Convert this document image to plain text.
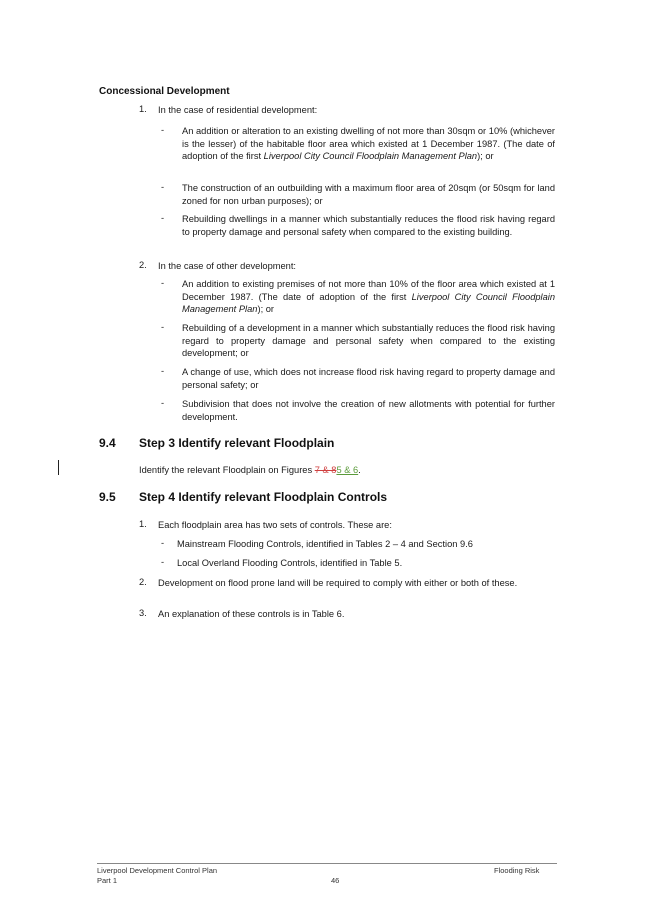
Concessional Development
1. In the case of residential development:
- An addition or alteration to an existing dwelling of not more than 30sqm or 10% (whichever is the lesser) of the habitable floor area which existed at 1 December 1987. (The date of adoption of the first Liverpool City Council Floodplain Management Plan); or
- The construction of an outbuilding with a maximum floor area of 20sqm (or 50sqm for land zoned for non urban purposes); or
- Rebuilding dwellings in a manner which substantially reduces the flood risk having regard to property damage and personal safety when compared to the existing building.
2. In the case of other development:
- An addition to existing premises of not more than 10% of the floor area which existed at 1 December 1987. (The date of adoption of the first Liverpool City Council Floodplain Management Plan); or
- Rebuilding of a development in a manner which substantially reduces the flood risk having regard to property damage and personal safety when compared to the existing development; or
- A change of use, which does not increase flood risk having regard to property damage and personal safety; or
- Subdivision that does not involve the creation of new allotments with potential for further development.
9.4 Step 3 Identify relevant Floodplain
Identify the relevant Floodplain on Figures 7 & 85 & 6.
9.5 Step 4 Identify relevant Floodplain Controls
1. Each floodplain area has two sets of controls. These are:
- Mainstream Flooding Controls, identified in Tables 2 – 4 and Section 9.6
- Local Overland Flooding Controls, identified in Table 5.
2. Development on flood prone land will be required to comply with either or both of these.
3. An explanation of these controls is in Table 6.
Liverpool Development Control Plan
Part 1	46
Flooding Risk
